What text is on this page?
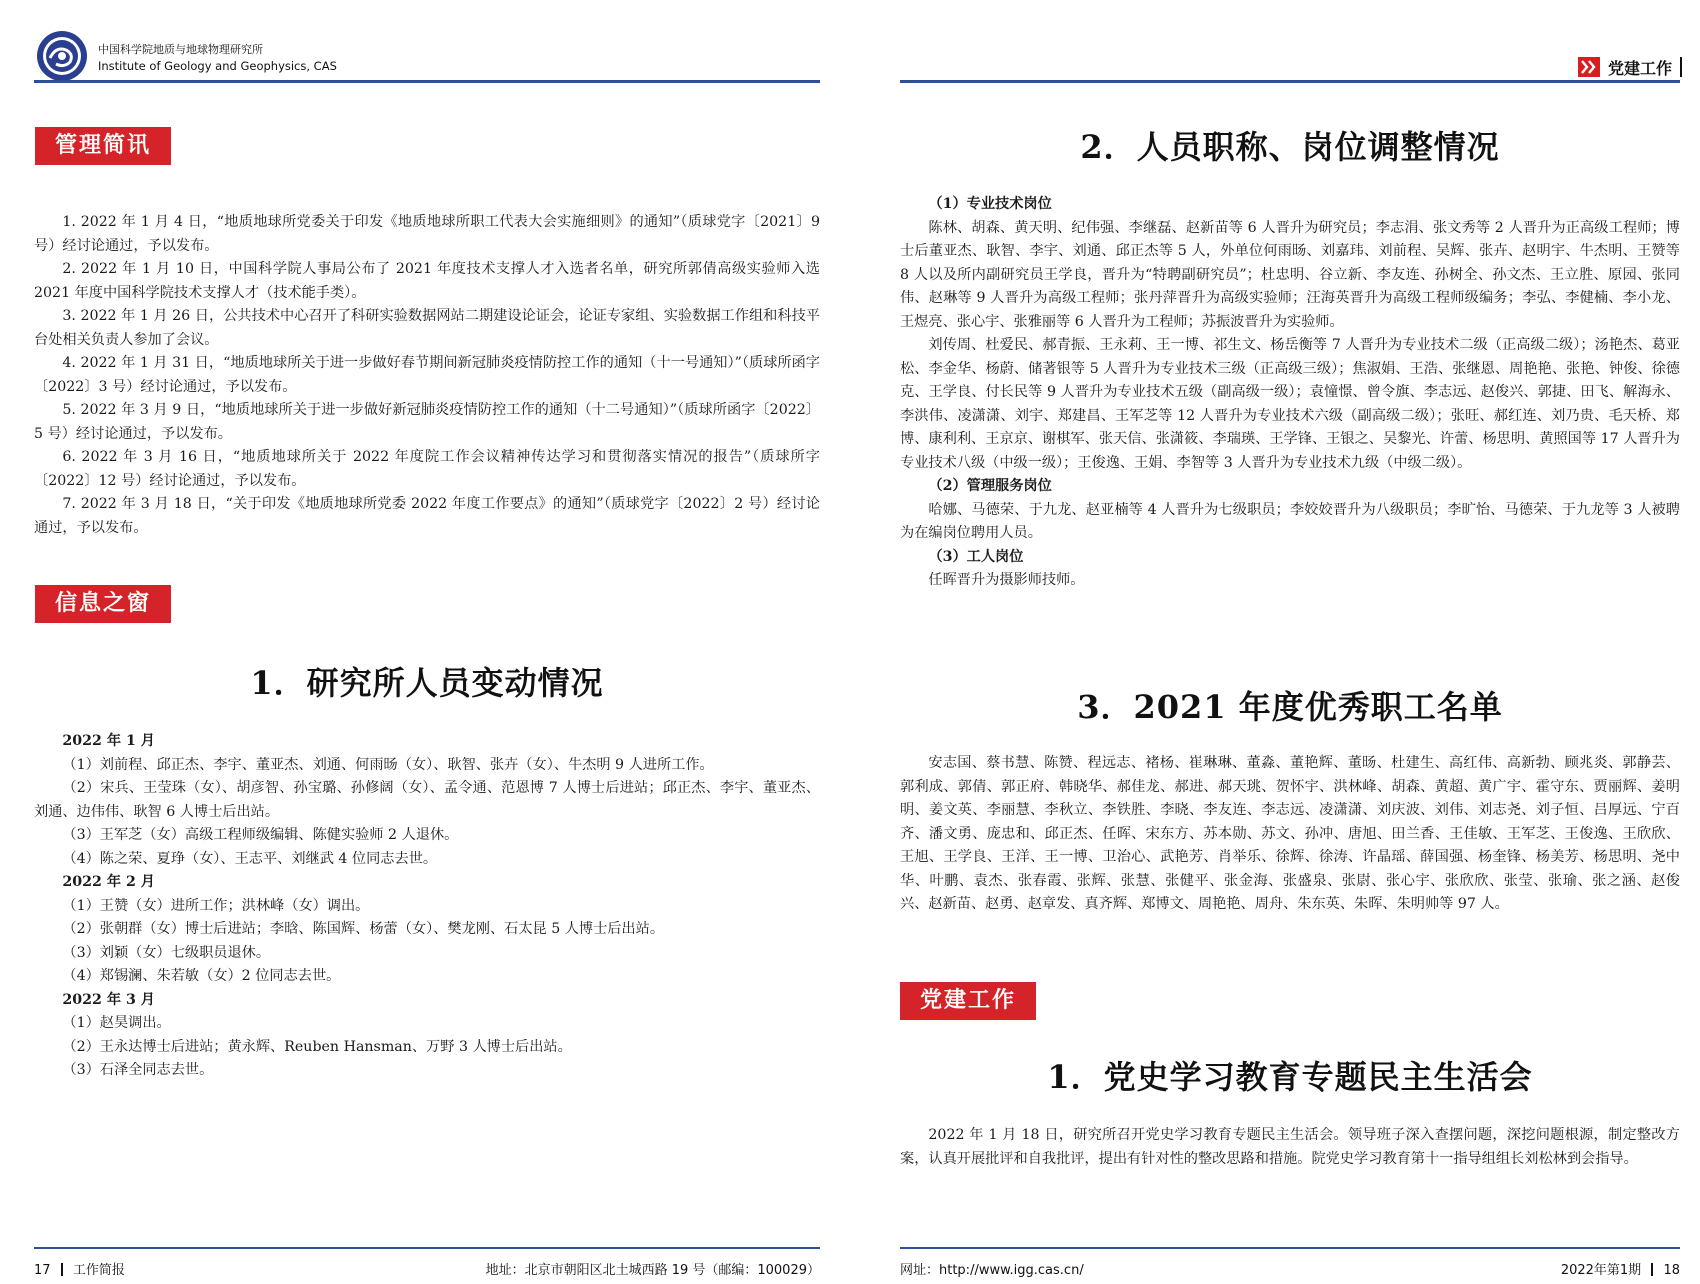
中国科学院地质与地球物理研究所
Institute of Geology and Geophysics, CAS
管理简讯

1. 2022 年 1 月 4 日，“地质地球所党委关于印发《地质地球所职工代表大会实施细则》的通知”（质球党字〔2021〕9 号）经讨论通过，予以发布。

2. 2022 年 1 月 10 日，中国科学院人事局公布了 2021 年度技术支撑人才入选者名单，研究所郭倩高级实验师入选 2021 年度中国科学院技术支撑人才（技术能手类）。

3. 2022 年 1 月 26 日，公共技术中心召开了科研实验数据网站二期建设论证会，论证专家组、实验数据工作组和科技平台处相关负责人参加了会议。

4. 2022 年 1 月 31 日，“地质地球所关于进一步做好春节期间新冠肺炎疫情防控工作的通知（十一号通知）”（质球所函字〔2022〕3 号）经讨论通过，予以发布。

5. 2022 年 3 月 9 日，“地质地球所关于进一步做好新冠肺炎疫情防控工作的通知（十二号通知）”（质球所函字〔2022〕5 号）经讨论通过，予以发布。

6. 2022 年 3 月 16 日，“地质地球所关于 2022 年度院工作会议精神传达学习和贯彻落实情况的报告”（质球所字〔2022〕12 号）经讨论通过，予以发布。

7. 2022 年 3 月 18 日，“关于印发《地质地球所党委 2022 年度工作要点》的通知”（质球党字〔2022〕2 号）经讨论通过，予以发布。

信息之窗
1．研究所人员变动情况

2022 年 1 月

（1）刘前程、邱正杰、李宇、董亚杰、刘通、何雨旸（女）、耿智、张卉（女）、牛杰明 9 人进所工作。

（2）宋兵、王莹珠（女）、胡彦智、孙宝璐、孙修阔（女）、孟令通、范恩博 7 人博士后进站；邱正杰、李宇、董亚杰、刘通、边伟伟、耿智 6 人博士后出站。

（3）王军芝（女）高级工程师级编辑、陈健实验师 2 人退休。

（4）陈之荣、夏琤（女）、王志平、刘继武 4 位同志去世。

2022 年 2 月

（1）王赞（女）进所工作；洪林峰（女）调出。

（2）张朝群（女）博士后进站；李晗、陈国辉、杨蕾（女）、樊龙刚、石太昆 5 人博士后出站。

（3）刘颖（女）七级职员退休。

（4）郑锡澜、朱若敏（女）2 位同志去世。

2022 年 3 月

（1）赵昊调出。

（2）王永达博士后进站；黄永辉、Reuben Hansman、万野 3 人博士后出站。

（3）石泽全同志去世。

17 工作简报	地址：北京市朝阳区北土城西路 19 号（邮编：100029）
党建工作
2．人员职称、岗位调整情况

（1）专业技术岗位

陈林、胡森、黄天明、纪伟强、李继磊、赵新苗等 6 人晋升为研究员；李志涓、张文秀等 2 人晋升为正高级工程师；博士后董亚杰、耿智、李宇、刘通、邱正杰等 5 人，外单位何雨旸、刘嘉玮、刘前程、吴辉、张卉、赵明宇、牛杰明、王赞等 8 人以及所内副研究员王学良，晋升为“特聘副研究员”；杜忠明、谷立新、李友连、孙树全、孙文杰、王立胜、原园、张同伟、赵琳等 9 人晋升为高级工程师；张丹萍晋升为高级实验师；汪海英晋升为高级工程师级编务；李弘、李健楠、李小龙、王煜亮、张心宇、张雅丽等 6 人晋升为工程师；苏振波晋升为实验师。

刘传周、杜爱民、郝青振、王永莉、王一博、祁生文、杨岳衡等 7 人晋升为专业技术二级（正高级二级）；汤艳杰、葛亚松、李金华、杨蔚、储著银等 5 人晋升为专业技术三级（正高级三级）；焦淑娟、王浩、张继恩、周艳艳、张艳、钟俊、徐德克、王学良、付长民等 9 人晋升为专业技术五级（副高级一级）；袁憧憬、曾令旗、李志远、赵俊兴、郭捷、田飞、解海永、李洪伟、凌潇潇、刘宇、郑建昌、王军芝等 12 人晋升为专业技术六级（副高级二级）；张旺、郝红连、刘乃贵、毛天桥、郑博、康利利、王京京、谢棋军、张天信、张潇筱、李瑞瑛、王学锋、王银之、吴黎光、许蕾、杨思明、黄照国等 17 人晋升为专业技术八级（中级一级）；王俊逸、王娟、李智等 3 人晋升为专业技术九级（中级二级）。

（2）管理服务岗位

哈娜、马德荣、于九龙、赵亚楠等 4 人晋升为七级职员；李姣姣晋升为八级职员；李旷怡、马德荣、于九龙等 3 人被聘为在编岗位聘用人员。

（3）工人岗位

任晖晋升为摄影师技师。

3．2021 年度优秀职工名单

安志国、蔡书慧、陈赞、程远志、褚杨、崔琳琳、董淼、董艳辉、董旸、杜建生、高红伟、高新勃、顾兆炎、郭静芸、郭利成、郭倩、郭正府、韩晓华、郝佳龙、郝进、郝天珧、贺怀宇、洪林峰、胡森、黄超、黄广宇、霍守东、贾丽辉、姜明明、姜文英、李丽慧、李秋立、李铁胜、李晓、李友连、李志远、凌潇潇、刘庆波、刘伟、刘志尧、刘子恒、吕厚远、宁百齐、潘文勇、庞忠和、邱正杰、任晖、宋东方、苏本勋、苏文、孙冲、唐旭、田兰香、王佳敏、王军芝、王俊逸、王欣欣、王旭、王学良、王洋、王一博、卫治心、武艳芳、肖举乐、徐辉、徐涛、许晶瑶、薛国强、杨奎锋、杨美芳、杨思明、尧中华、叶鹏、袁杰、张春霞、张辉、张慧、张健平、张金海、张盛泉、张尉、张心宇、张欣欣、张莹、张瑜、张之涵、赵俊兴、赵新苗、赵勇、赵章发、真齐辉、郑博文、周艳艳、周舟、朱东英、朱晖、朱明帅等 97 人。

党建工作
1．党史学习教育专题民主生活会

2022 年 1 月 18 日，研究所召开党史学习教育专题民主生活会。领导班子深入查摆问题，深挖问题根源，制定整改方案，认真开展批评和自我批评，提出有针对性的整改思路和措施。院党史学习教育第十一指导组组长刘松林到会指导。

网址：http://www.igg.cas.cn/	2022年第1期 18
